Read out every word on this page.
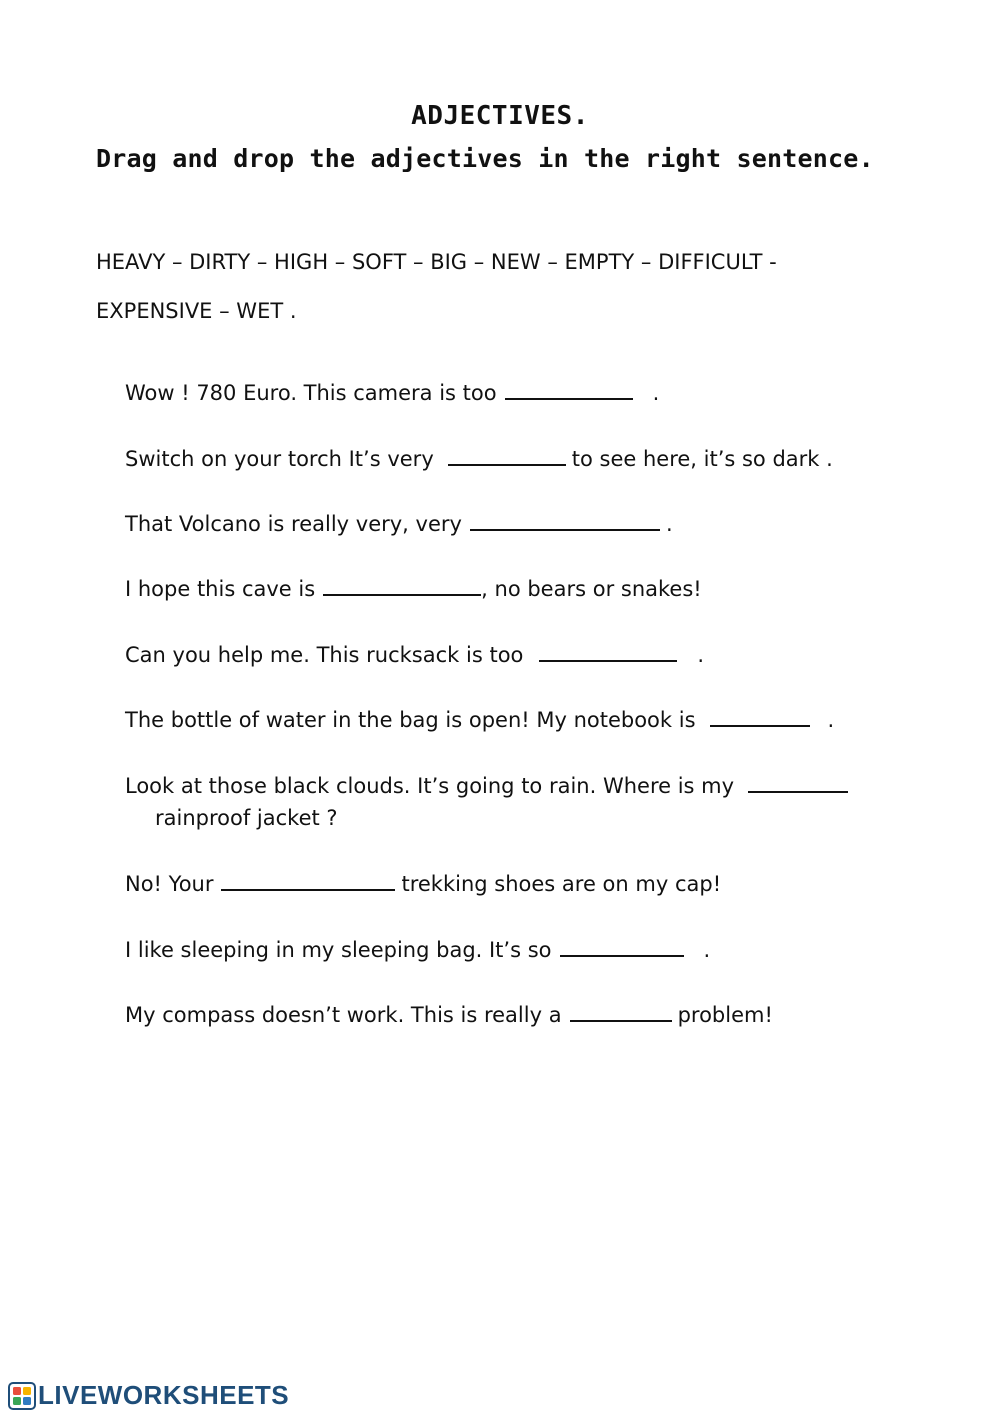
ADJECTIVES.
Drag and drop the adjectives in the right sentence.
HEAVY – DIRTY – HIGH – SOFT – BIG – NEW – EMPTY – DIFFICULT -
EXPENSIVE – WET .
Wow ! 780 Euro. This camera is too	.
Switch on your torch It’s very	to see here, it’s so dark .
That Volcano is really very, very	.
I hope this cave is	, no bears or snakes!
Can you help me. This rucksack is too	.
The bottle of water in the bag is open! My notebook is	.
Look at those black clouds. It’s going to rain. Where is my
rainproof jacket ?
No! Your	trekking shoes are on my cap!
I like sleeping in my sleeping bag. It’s so	.
My compass doesn’t work. This is really a	problem!
LIVEWORKSHEETS
